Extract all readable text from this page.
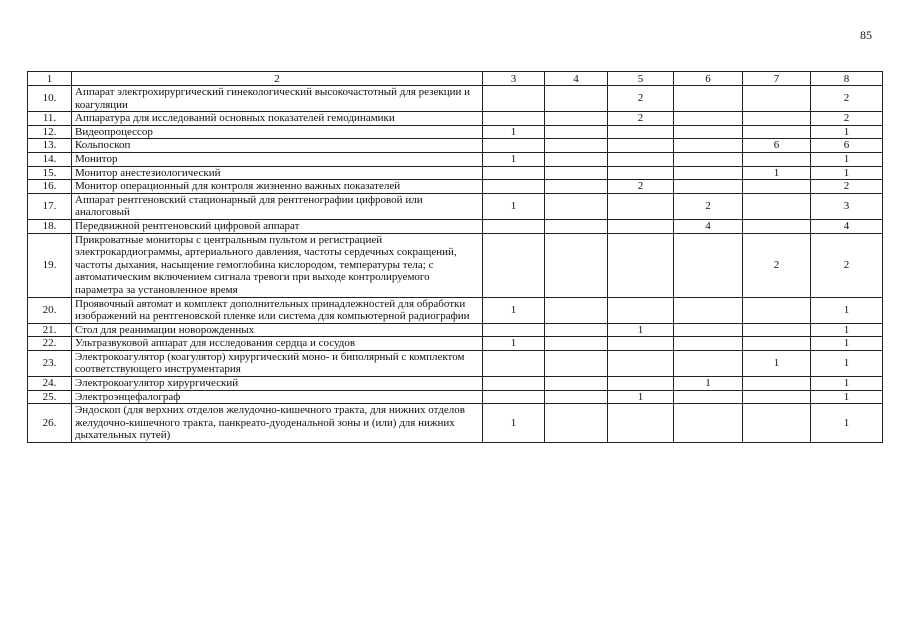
85
1	2	3	4	5	6	7	8
10.	Аппарат электрохирургический гинекологический высокочастотный для резекции и коагуляции			2			2
11.	Аппаратура для исследований основных показателей гемодинамики			2			2
12.	Видеопроцессор	1					1
13.	Кольпоскоп					6	6
14.	Монитор	1					1
15.	Монитор анестезиологический					1	1
16.	Монитор операционный для контроля жизненно важных показателей			2			2
17.	Аппарат рентгеновский стационарный для рентгенографии цифровой или аналоговый	1			2		3
18.	Передвижной рентгеновский цифровой аппарат				4		4
19.	Прикроватные мониторы с центральным пультом и регистрацией электрокардиограммы, артериального давления, частоты сердечных сокращений, частоты дыхания, насыщение гемоглобина кислородом, температуры тела; с автоматическим включением сигнала тревоги при выходе контролируемого параметра за установленное время					2	2
20.	Проявочный автомат и комплект дополнительных принадлежностей для обработки изображений на рентгеновской пленке или система для компьютерной радиографии	1					1
21.	Стол для реанимации новорожденных			1			1
22.	Ультразвуковой аппарат для исследования сердца и сосудов	1					1
23.	Электрокоагулятор (коагулятор) хирургический моно- и биполярный с комплектом соответствующего инструментария					1	1
24.	Электрокоагулятор хирургический				1		1
25.	Электроэнцефалограф			1			1
26.	Эндоскоп (для верхних отделов желудочно-кишечного тракта, для нижних отделов желудочно-кишечного тракта, панкреато-дуоденальной зоны и (или) для нижних дыхательных путей)	1					1
